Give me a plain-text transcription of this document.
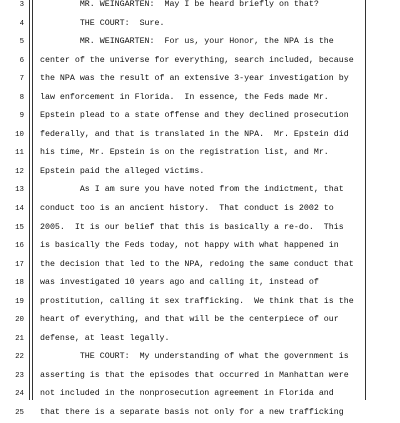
3 MR. WEINGARTEN:  May I be heard briefly on that?
4 THE COURT:  Sure.
5 MR. WEINGARTEN:  For us, your Honor, the NPA is the
6 center of the universe for everything, search included, because
7 the NPA was the result of an extensive 3-year investigation by
8 law enforcement in Florida.  In essence, the Feds made Mr.
9 Epstein plead to a state offense and they declined prosecution
10 federally, and that is translated in the NPA.  Mr. Epstein did
11 his time, Mr. Epstein is on the registration list, and Mr.
12 Epstein paid the alleged victims.
13 As I am sure you have noted from the indictment, that
14 conduct too is an ancient history.  That conduct is 2002 to
15 2005.  It is our belief that this is basically a re-do.  This
16 is basically the Feds today, not happy with what happened in
17 the decision that led to the NPA, redoing the same conduct that
18 was investigated 10 years ago and calling it, instead of
19 prostitution, calling it sex trafficking.  We think that is the
20 heart of everything, and that will be the centerpiece of our
21 defense, at least legally.
22 THE COURT:  My understanding of what the government is
23 asserting is that the episodes that occurred in Manhattan were
24 not included in the nonprosecution agreement in Florida and
25 that there is a separate basis not only for a new trafficking
